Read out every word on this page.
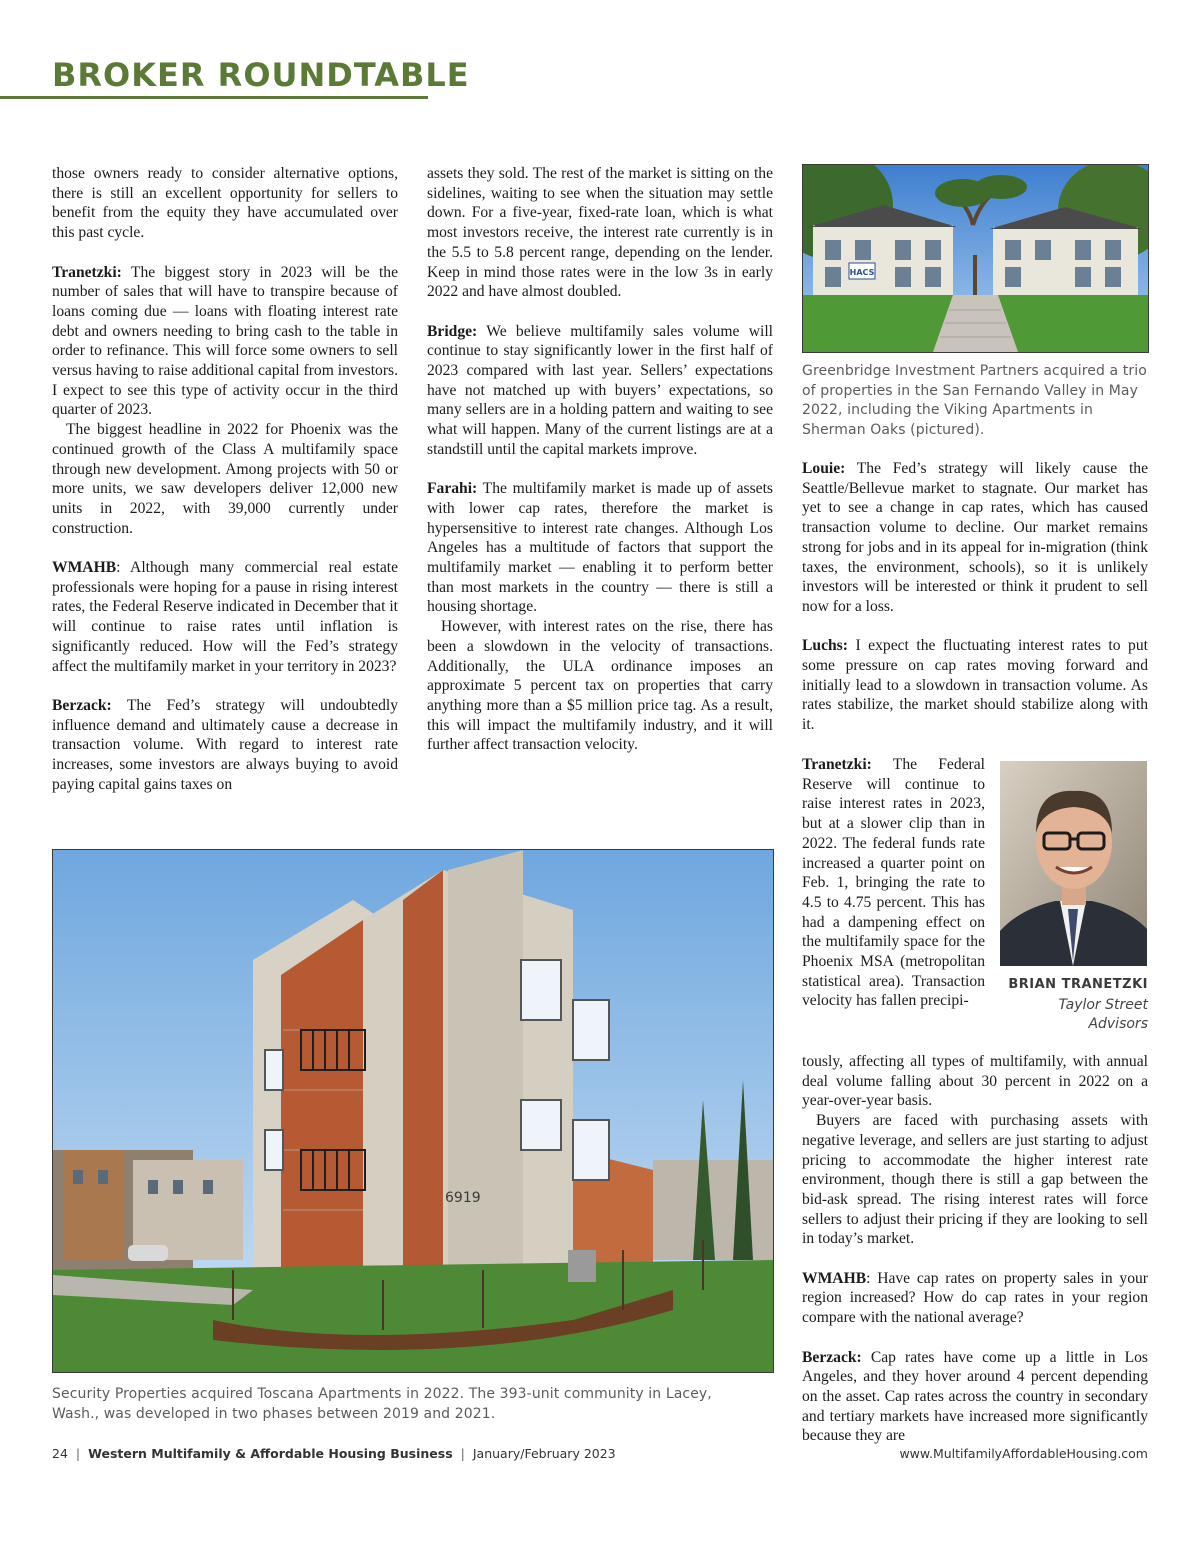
BROKER ROUNDTABLE

those owners ready to consider alternative options, there is still an excellent opportunity for sellers to benefit from the equity they have accumulated over this past cycle.

Tranetzki: The biggest story in 2023 will be the number of sales that will have to transpire because of loans coming due — loans with floating interest rate debt and owners needing to bring cash to the table in order to refinance. This will force some owners to sell versus having to raise additional capital from investors. I expect to see this type of activity occur in the third quarter of 2023.

The biggest headline in 2022 for Phoenix was the continued growth of the Class A multifamily space through new development. Among projects with 50 or more units, we saw developers deliver 12,000 new units in 2022, with 39,000 currently under construction.

WMAHB: Although many commercial real estate professionals were hoping for a pause in rising interest rates, the Federal Reserve indicated in December that it will continue to raise rates until inflation is significantly reduced. How will the Fed’s strategy affect the multifamily market in your territory in 2023?

Berzack: The Fed’s strategy will undoubtedly influence demand and ultimately cause a decrease in transaction volume. With regard to interest rate increases, some investors are always buying to avoid paying capital gains taxes on

assets they sold. The rest of the market is sitting on the sidelines, waiting to see when the situation may settle down. For a five-year, fixed-rate loan, which is what most investors receive, the interest rate currently is in the 5.5 to 5.8 percent range, depending on the lender. Keep in mind those rates were in the low 3s in early 2022 and have almost doubled.

Bridge: We believe multifamily sales volume will continue to stay significantly lower in the first half of 2023 compared with last year. Sellers’ expectations have not matched up with buyers’ expectations, so many sellers are in a holding pattern and waiting to see what will happen. Many of the current listings are at a standstill until the capital markets improve.

Farahi: The multifamily market is made up of assets with lower cap rates, therefore the market is hypersensitive to interest rate changes. Although Los Angeles has a multitude of factors that support the multifamily market — enabling it to perform better than most markets in the country — there is still a housing shortage.

However, with interest rates on the rise, there has been a slowdown in the velocity of transactions. Additionally, the ULA ordinance imposes an approximate 5 percent tax on properties that carry anything more than a $5 million price tag. As a result, this will impact the multifamily industry, and it will further affect transaction velocity.

HACS
Greenbridge Investment Partners acquired a trio of properties in the San Fernando Valley in May 2022, including the Viking Apartments in Sherman Oaks (pictured).

Louie: The Fed’s strategy will likely cause the Seattle/Bellevue market to stagnate. Our market has yet to see a change in cap rates, which has caused transaction volume to decline. Our market remains strong for jobs and in its appeal for in-migration (think taxes, the environment, schools), so it is unlikely investors will be interested or think it prudent to sell now for a loss.

Luchs: I expect the fluctuating interest rates to put some pressure on cap rates moving forward and initially lead to a slowdown in transaction volume. As rates stabilize, the market should stabilize along with it.

Tranetzki: The Federal Reserve will continue to raise interest rates in 2023, but at a slower clip than in 2022. The federal funds rate increased a quarter point on Feb. 1, bringing the rate to 4.5 to 4.75 percent. This has had a dampening effect on the multifamily space for the Phoenix MSA (metropolitan statistical area). Transaction velocity has fallen precipi-

BRIAN TRANETZKI
Taylor Street Advisors

tously, affecting all types of multifamily, with annual deal volume falling about 30 percent in 2022 on a year-over-year basis.

Buyers are faced with purchasing assets with negative leverage, and sellers are just starting to adjust pricing to accommodate the higher interest rate environment, though there is still a gap between the bid-ask spread. The rising interest rates will force sellers to adjust their pricing if they are looking to sell in today’s market.

WMAHB: Have cap rates on property sales in your region increased? How do cap rates in your region compare with the national average?

Berzack: Cap rates have come up a little in Los Angeles, and they hover around 4 percent depending on the asset. Cap rates across the country in secondary and tertiary markets have increased more significantly because they are

6919
Security Properties acquired Toscana Apartments in 2022. The 393-unit community in Lacey, Wash., was developed in two phases between 2019 and 2021.
24 | Western Multifamily & Affordable Housing Business | January/February 2023	www.MultifamilyAffordableHousing.com
